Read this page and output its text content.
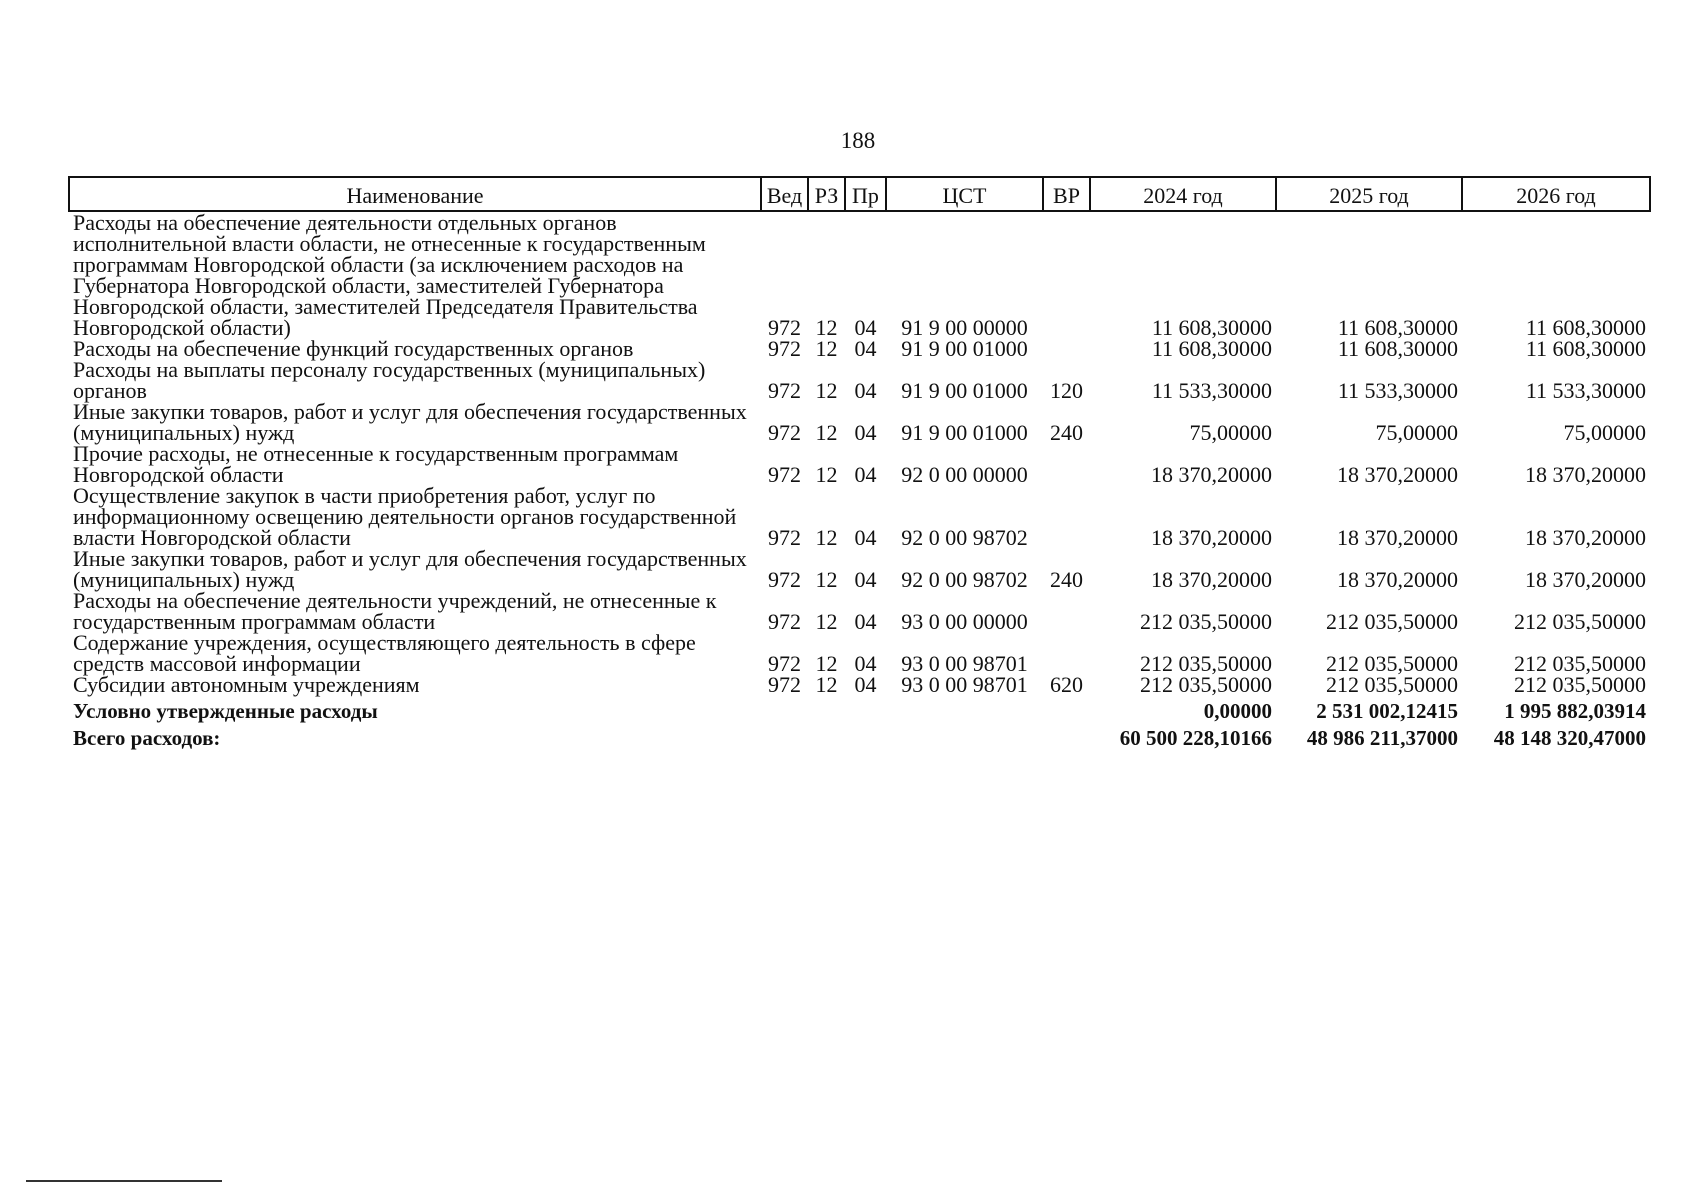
188
Наименование	Вед	РЗ	Пр	ЦСТ	ВР	2024 год	2025 год	2026 год
Расходы на обеспечение деятельности отдельных органов исполнительной власти области, не отнесенные к государственным программам Новгородской области (за исключением расходов на Губернатора Новгородской области, заместителей Губернатора Новгородской области, заместителей Председателя Правительства Новгородской области)	972	12	04	91 9 00 00000		11 608,30000	11 608,30000	11 608,30000
Расходы на обеспечение функций государственных органов	972	12	04	91 9 00 01000		11 608,30000	11 608,30000	11 608,30000
Расходы на выплаты персоналу государственных (муниципальных) органов	972	12	04	91 9 00 01000	120	11 533,30000	11 533,30000	11 533,30000
Иные закупки товаров, работ и услуг для обеспечения государственных (муниципальных) нужд	972	12	04	91 9 00 01000	240	75,00000	75,00000	75,00000
Прочие расходы, не отнесенные к государственным программам Новгородской области	972	12	04	92 0 00 00000		18 370,20000	18 370,20000	18 370,20000
Осуществление закупок в части приобретения работ, услуг по информационному освещению деятельности органов государственной власти Новгородской области	972	12	04	92 0 00 98702		18 370,20000	18 370,20000	18 370,20000
Иные закупки товаров, работ и услуг для обеспечения государственных (муниципальных) нужд	972	12	04	92 0 00 98702	240	18 370,20000	18 370,20000	18 370,20000
Расходы на обеспечение деятельности учреждений, не отнесенные к государственным программам области	972	12	04	93 0 00 00000		212 035,50000	212 035,50000	212 035,50000
Содержание учреждения, осуществляющего деятельность в сфере средств массовой информации	972	12	04	93 0 00 98701		212 035,50000	212 035,50000	212 035,50000
Субсидии автономным учреждениям	972	12	04	93 0 00 98701	620	212 035,50000	212 035,50000	212 035,50000
Условно утвержденные расходы						0,00000	2 531 002,12415	1 995 882,03914
Всего расходов:						60 500 228,10166	48 986 211,37000	48 148 320,47000
